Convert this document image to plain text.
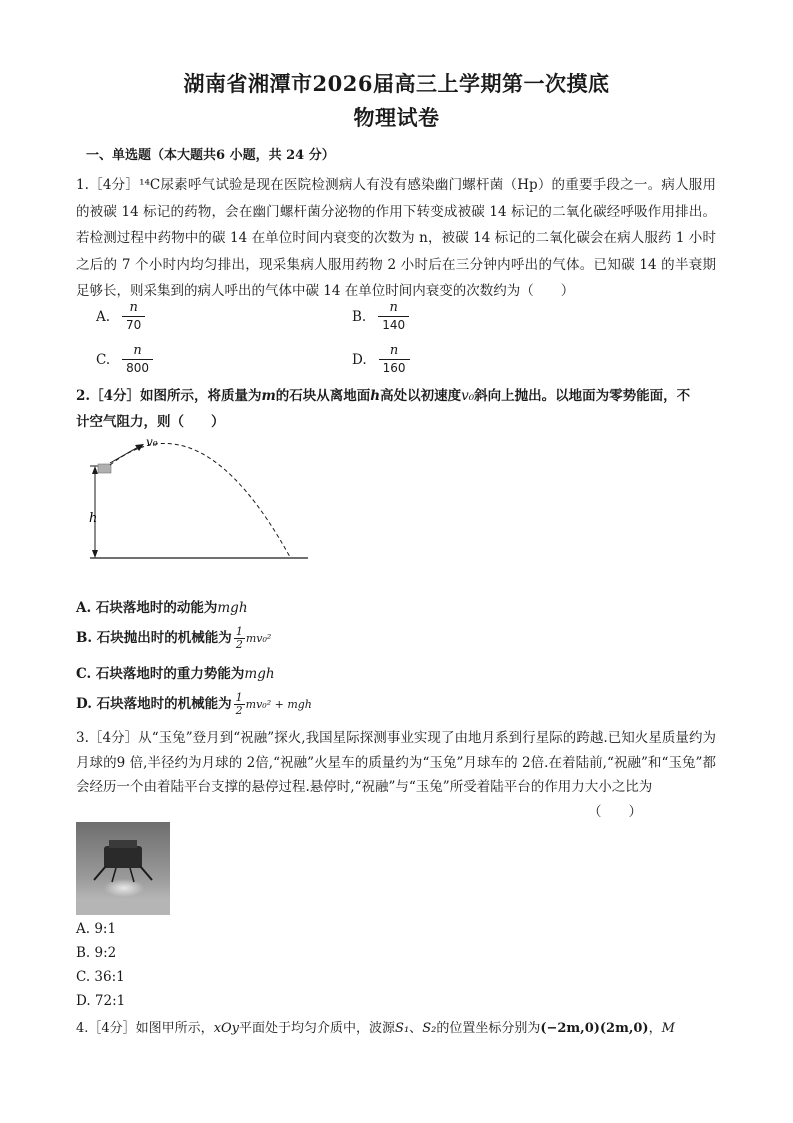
湖南省湘潭市2026届高三上学期第一次摸底
物理试卷
一、单选题（本大题共6 小题，共 24 分）
1.［4分］¹⁴C尿素呼气试验是现在医院检测病人有没有感染幽门螺杆菌（Hp）的重要手段之一。病人服用的被碳 14 标记的药物，会在幽门螺杆菌分泌物的作用下转变成被碳 14 标记的二氧化碳经呼吸作用排出。若检测过程中药物中的碳 14 在单位时间内衰变的次数为 n，被碳 14 标记的二氧化碳会在病人服药 1 小时之后的 7 个小时内均匀排出，现采集病人服用药物 2 小时后在三分钟内呼出的气体。已知碳 14 的半衰期足够长，则采集到的病人呼出的气体中碳 14 在单位时间内衰变的次数约为（　　）
A. $\frac{n}{70}$	B. $\frac{n}{140}$
C. $\frac{n}{800}$	D. $\frac{n}{160}$
2.［4分］如图所示，将质量为m的石块从离地面h高处以初速度v₀斜向上抛出。以地面为零势能面，不
计空气阻力，则（　　）
h
v₀
A. 石块落地时的动能为mgh
B. 石块抛出时的机械能为 $\frac{1}{2} mv_0^2$
C. 石块落地时的重力势能为mgh
D. 石块落地时的机械能为 $\frac{1}{2} mv_0^2$ + mgh
3.［4分］从“玉兔”登月到“祝融”探火,我国星际探测事业实现了由地月系到行星际的跨越.已知火星质量约为月球的9 倍,半径约为月球的 2倍,“祝融”火星车的质量约为“玉兔”月球车的 2倍.在着陆前,“祝融”和“玉兔”都会经历一个由着陆平台支撑的悬停过程.悬停时,“祝融”与“玉兔”所受着陆平台的作用力大小之比为
（　　）
A. 9:1
B. 9:2
C. 36:1
D. 72:1
4.［4分］如图甲所示，xOy平面处于均匀介质中，波源S₁、S₂的位置坐标分别为(−2m,0)(2m,0)，M
